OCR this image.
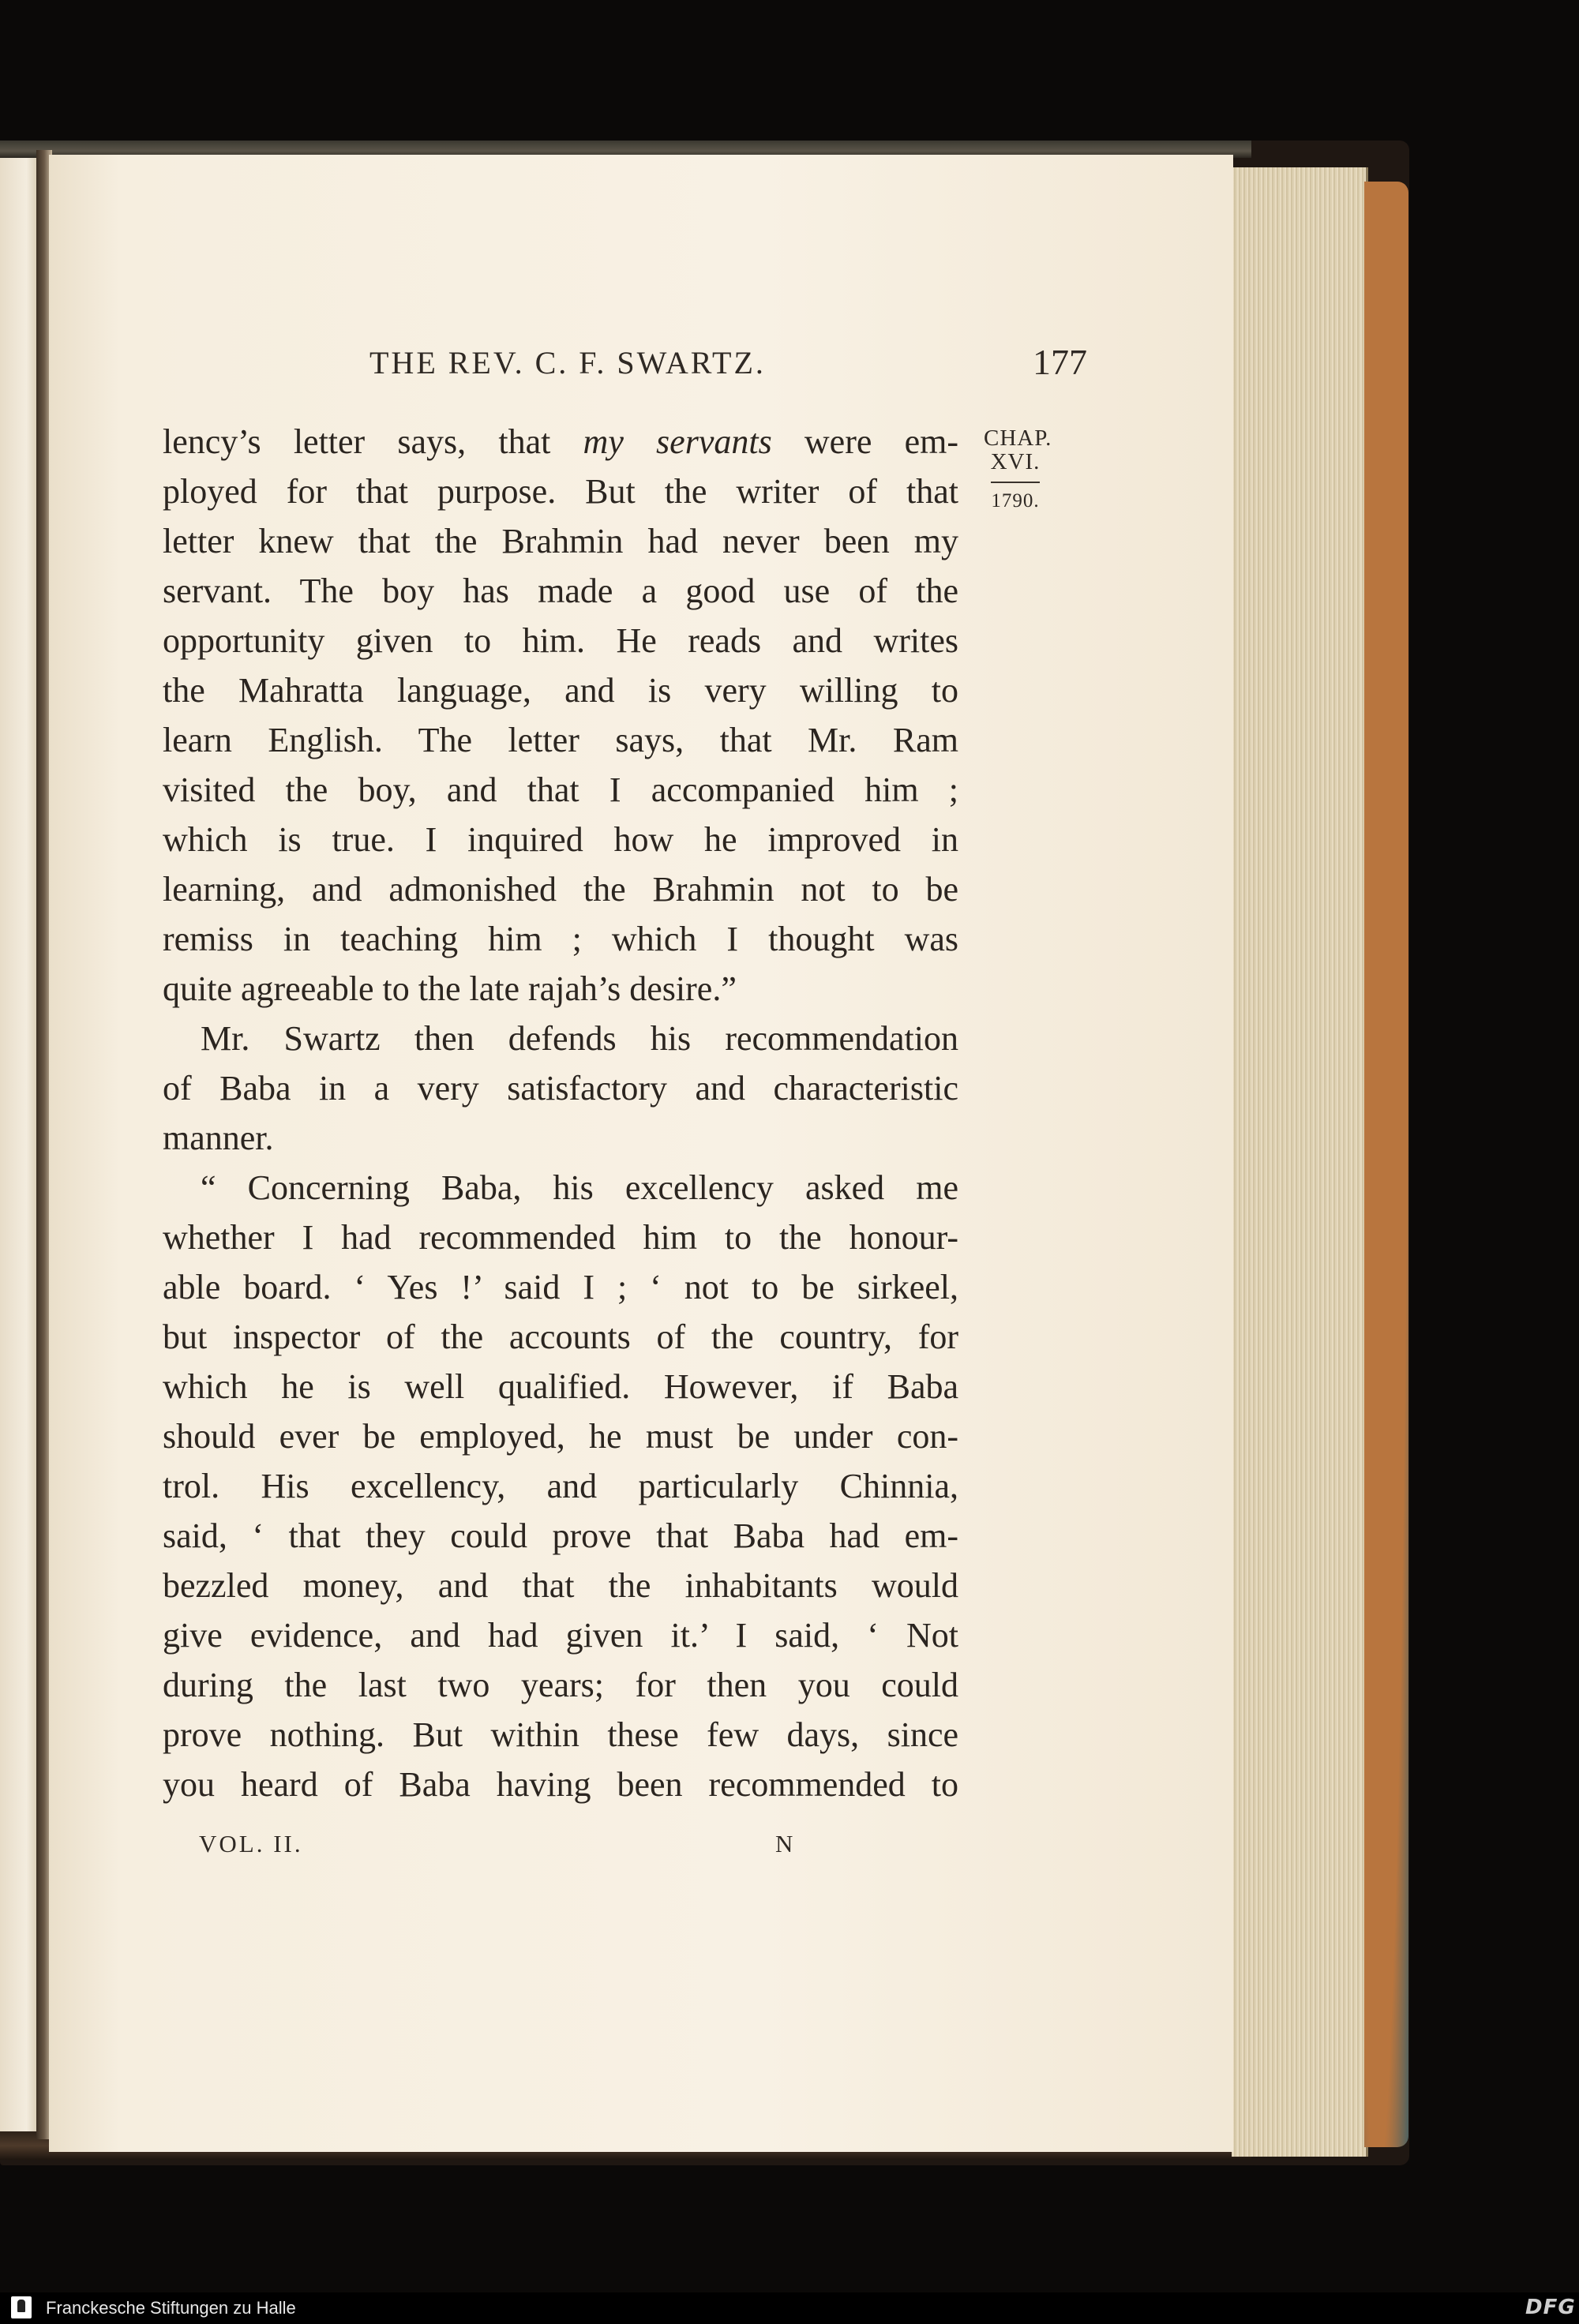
THE REV. C. F. SWARTZ.	177
CHAP.
XVI.
1790.
lency’s letter says, that my servants were em-
ployed for that purpose. But the writer of that
letter knew that the Brahmin had never been my
servant. The boy has made a good use of the
opportunity given to him. He reads and writes
the Mahratta language, and is very willing to
learn English. The letter says, that Mr. Ram
visited the boy, and that I accompanied him ;
which is true. I inquired how he improved in
learning, and admonished the Brahmin not to be
remiss in teaching him ; which I thought was
quite agreeable to the late rajah’s desire.”
Mr. Swartz then defends his recommendation
of Baba in a very satisfactory and characteristic
manner.
“ Concerning Baba, his excellency asked me
whether I had recommended him to the honour-
able board. ‘ Yes !’ said I ; ‘ not to be sirkeel,
but inspector of the accounts of the country, for
which he is well qualified. However, if Baba
should ever be employed, he must be under con-
trol. His excellency, and particularly Chinnia,
said, ‘ that they could prove that Baba had em-
bezzled money, and that the inhabitants would
give evidence, and had given it.’ I said, ‘ Not
during the last two years; for then you could
prove nothing. But within these few days, since
you heard of Baba having been recommended to
VOL. II.	N
Franckesche Stiftungen zu Halle	DFG
